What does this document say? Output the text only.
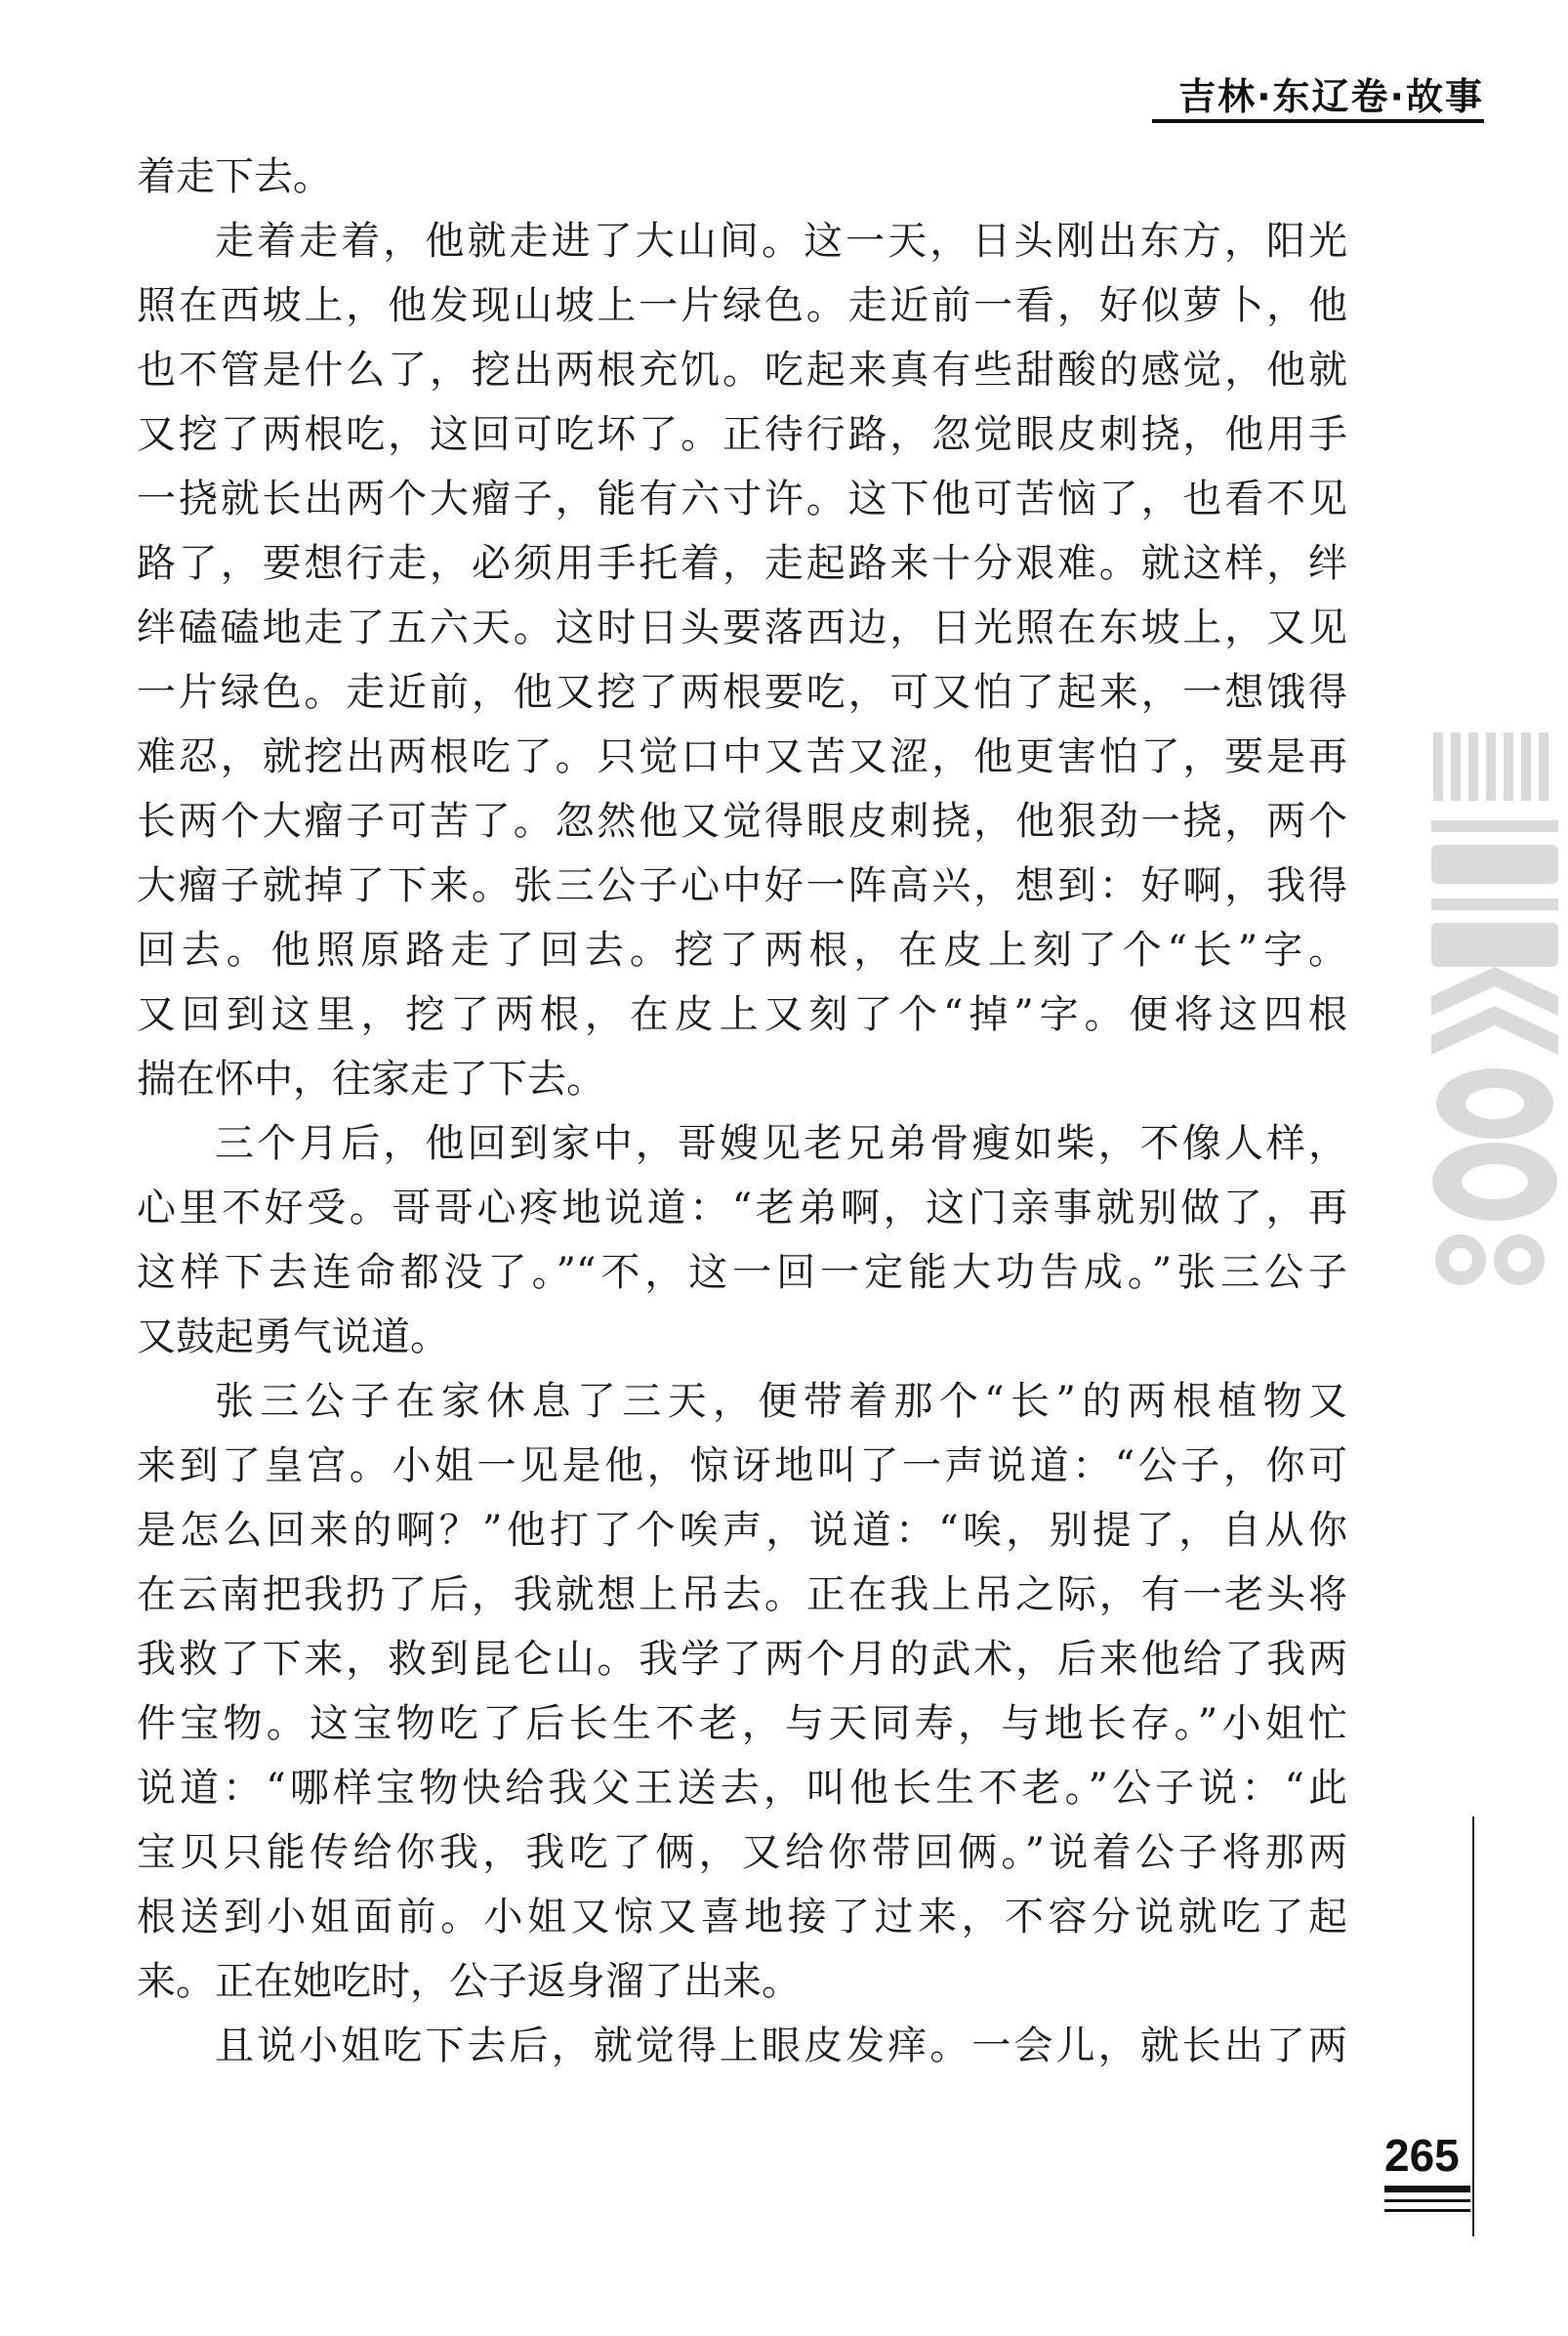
吉林·东辽卷·故事
着走下去。
走着走着，他就走进了大山间。这一天，日头刚出东方，阳光
照在西坡上，他发现山坡上一片绿色。走近前一看，好似萝卜，他
也不管是什么了，挖出两根充饥。吃起来真有些甜酸的感觉，他就
又挖了两根吃，这回可吃坏了。正待行路，忽觉眼皮刺挠，他用手
一挠就长出两个大瘤子，能有六寸许。这下他可苦恼了，也看不见
路了，要想行走，必须用手托着，走起路来十分艰难。就这样，绊
绊磕磕地走了五六天。这时日头要落西边，日光照在东坡上，又见
一片绿色。走近前，他又挖了两根要吃，可又怕了起来，一想饿得
难忍，就挖出两根吃了。只觉口中又苦又涩，他更害怕了，要是再
长两个大瘤子可苦了。忽然他又觉得眼皮刺挠，他狠劲一挠，两个
大瘤子就掉了下来。张三公子心中好一阵高兴，想到：好啊，我得
回去。他照原路走了回去。挖了两根，在皮上刻了个“长”字。
又回到这里，挖了两根，在皮上又刻了个“掉”字。便将这四根
揣在怀中，往家走了下去。
三个月后，他回到家中，哥嫂见老兄弟骨瘦如柴，不像人样，
心里不好受。哥哥心疼地说道：“老弟啊，这门亲事就别做了，再
这样下去连命都没了。”“不，这一回一定能大功告成。”张三公子
又鼓起勇气说道。
张三公子在家休息了三天，便带着那个“长”的两根植物又
来到了皇宫。小姐一见是他，惊讶地叫了一声说道：“公子，你可
是怎么回来的啊？”他打了个唉声，说道：“唉，别提了，自从你
在云南把我扔了后，我就想上吊去。正在我上吊之际，有一老头将
我救了下来，救到昆仑山。我学了两个月的武术，后来他给了我两
件宝物。这宝物吃了后长生不老，与天同寿，与地长存。”小姐忙
说道：“哪样宝物快给我父王送去，叫他长生不老。”公子说：“此
宝贝只能传给你我，我吃了俩，又给你带回俩。”说着公子将那两
根送到小姐面前。小姐又惊又喜地接了过来，不容分说就吃了起
来。正在她吃时，公子返身溜了出来。
且说小姐吃下去后，就觉得上眼皮发痒。一会儿，就长出了两
265
